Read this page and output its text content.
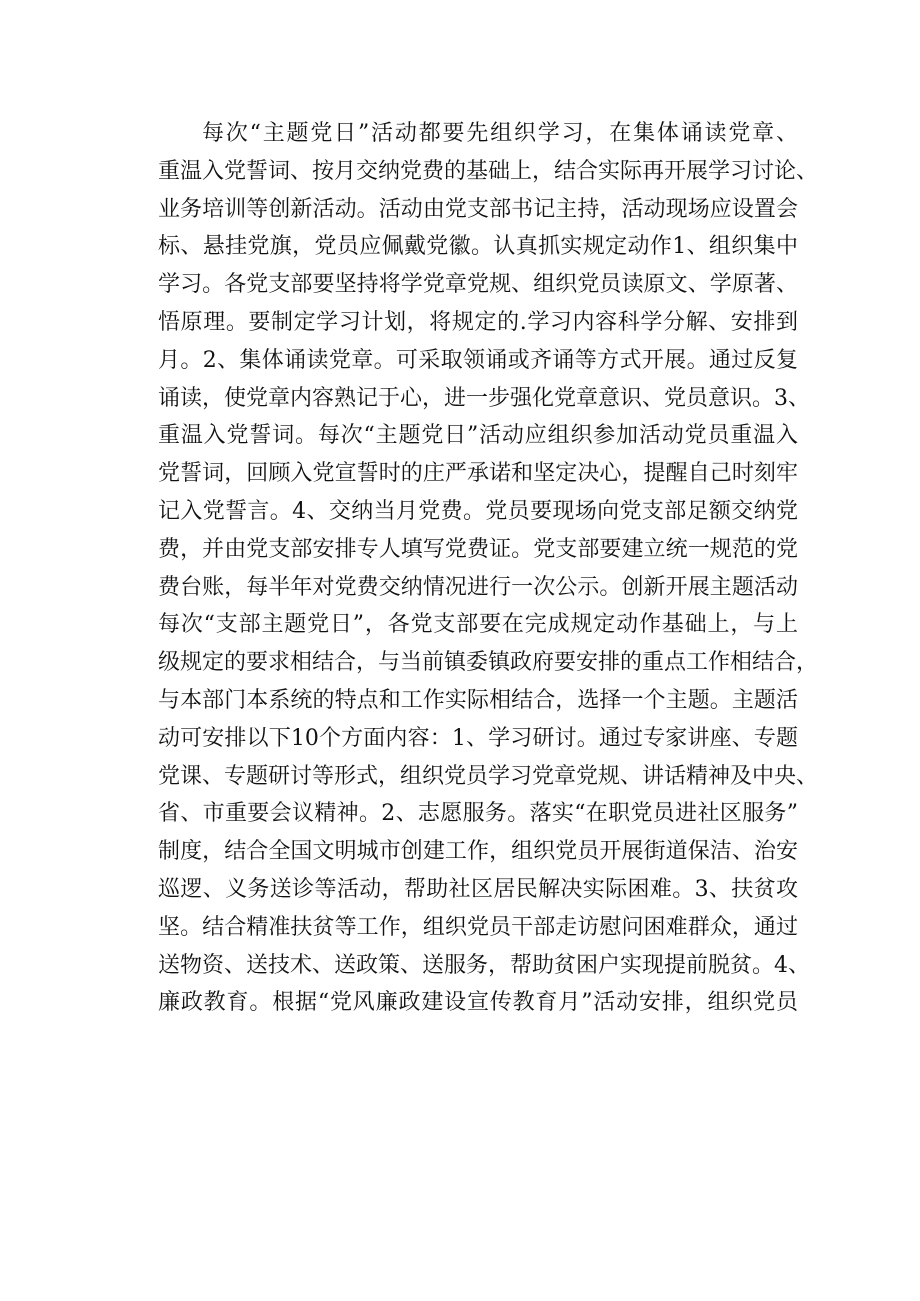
每次“主题党日”活动都要先组织学习，在集体诵读党章、
重温入党誓词、按月交纳党费的基础上，结合实际再开展学习讨论、
业务培训等创新活动。活动由党支部书记主持，活动现场应设置会
标、悬挂党旗，党员应佩戴党徽。认真抓实规定动作1、组织集中
学习。各党支部要坚持将学党章党规、组织党员读原文、学原著、
悟原理。要制定学习计划，将规定的.学习内容科学分解、安排到
月。2、集体诵读党章。可采取领诵或齐诵等方式开展。通过反复
诵读，使党章内容熟记于心，进一步强化党章意识、党员意识。3、
重温入党誓词。每次“主题党日”活动应组织参加活动党员重温入
党誓词，回顾入党宣誓时的庄严承诺和坚定决心，提醒自己时刻牢
记入党誓言。4、交纳当月党费。党员要现场向党支部足额交纳党
费，并由党支部安排专人填写党费证。党支部要建立统一规范的党
费台账，每半年对党费交纳情况进行一次公示。创新开展主题活动
每次“支部主题党日”，各党支部要在完成规定动作基础上，与上
级规定的要求相结合，与当前镇委镇政府要安排的重点工作相结合，
与本部门本系统的特点和工作实际相结合，选择一个主题。主题活
动可安排以下10个方面内容：1、学习研讨。通过专家讲座、专题
党课、专题研讨等形式，组织党员学习党章党规、讲话精神及中央、
省、市重要会议精神。2、志愿服务。落实“在职党员进社区服务”
制度，结合全国文明城市创建工作，组织党员开展街道保洁、治安
巡逻、义务送诊等活动，帮助社区居民解决实际困难。3、扶贫攻
坚。结合精准扶贫等工作，组织党员干部走访慰问困难群众，通过
送物资、送技术、送政策、送服务，帮助贫困户实现提前脱贫。4、
廉政教育。根据“党风廉政建设宣传教育月”活动安排，组织党员
